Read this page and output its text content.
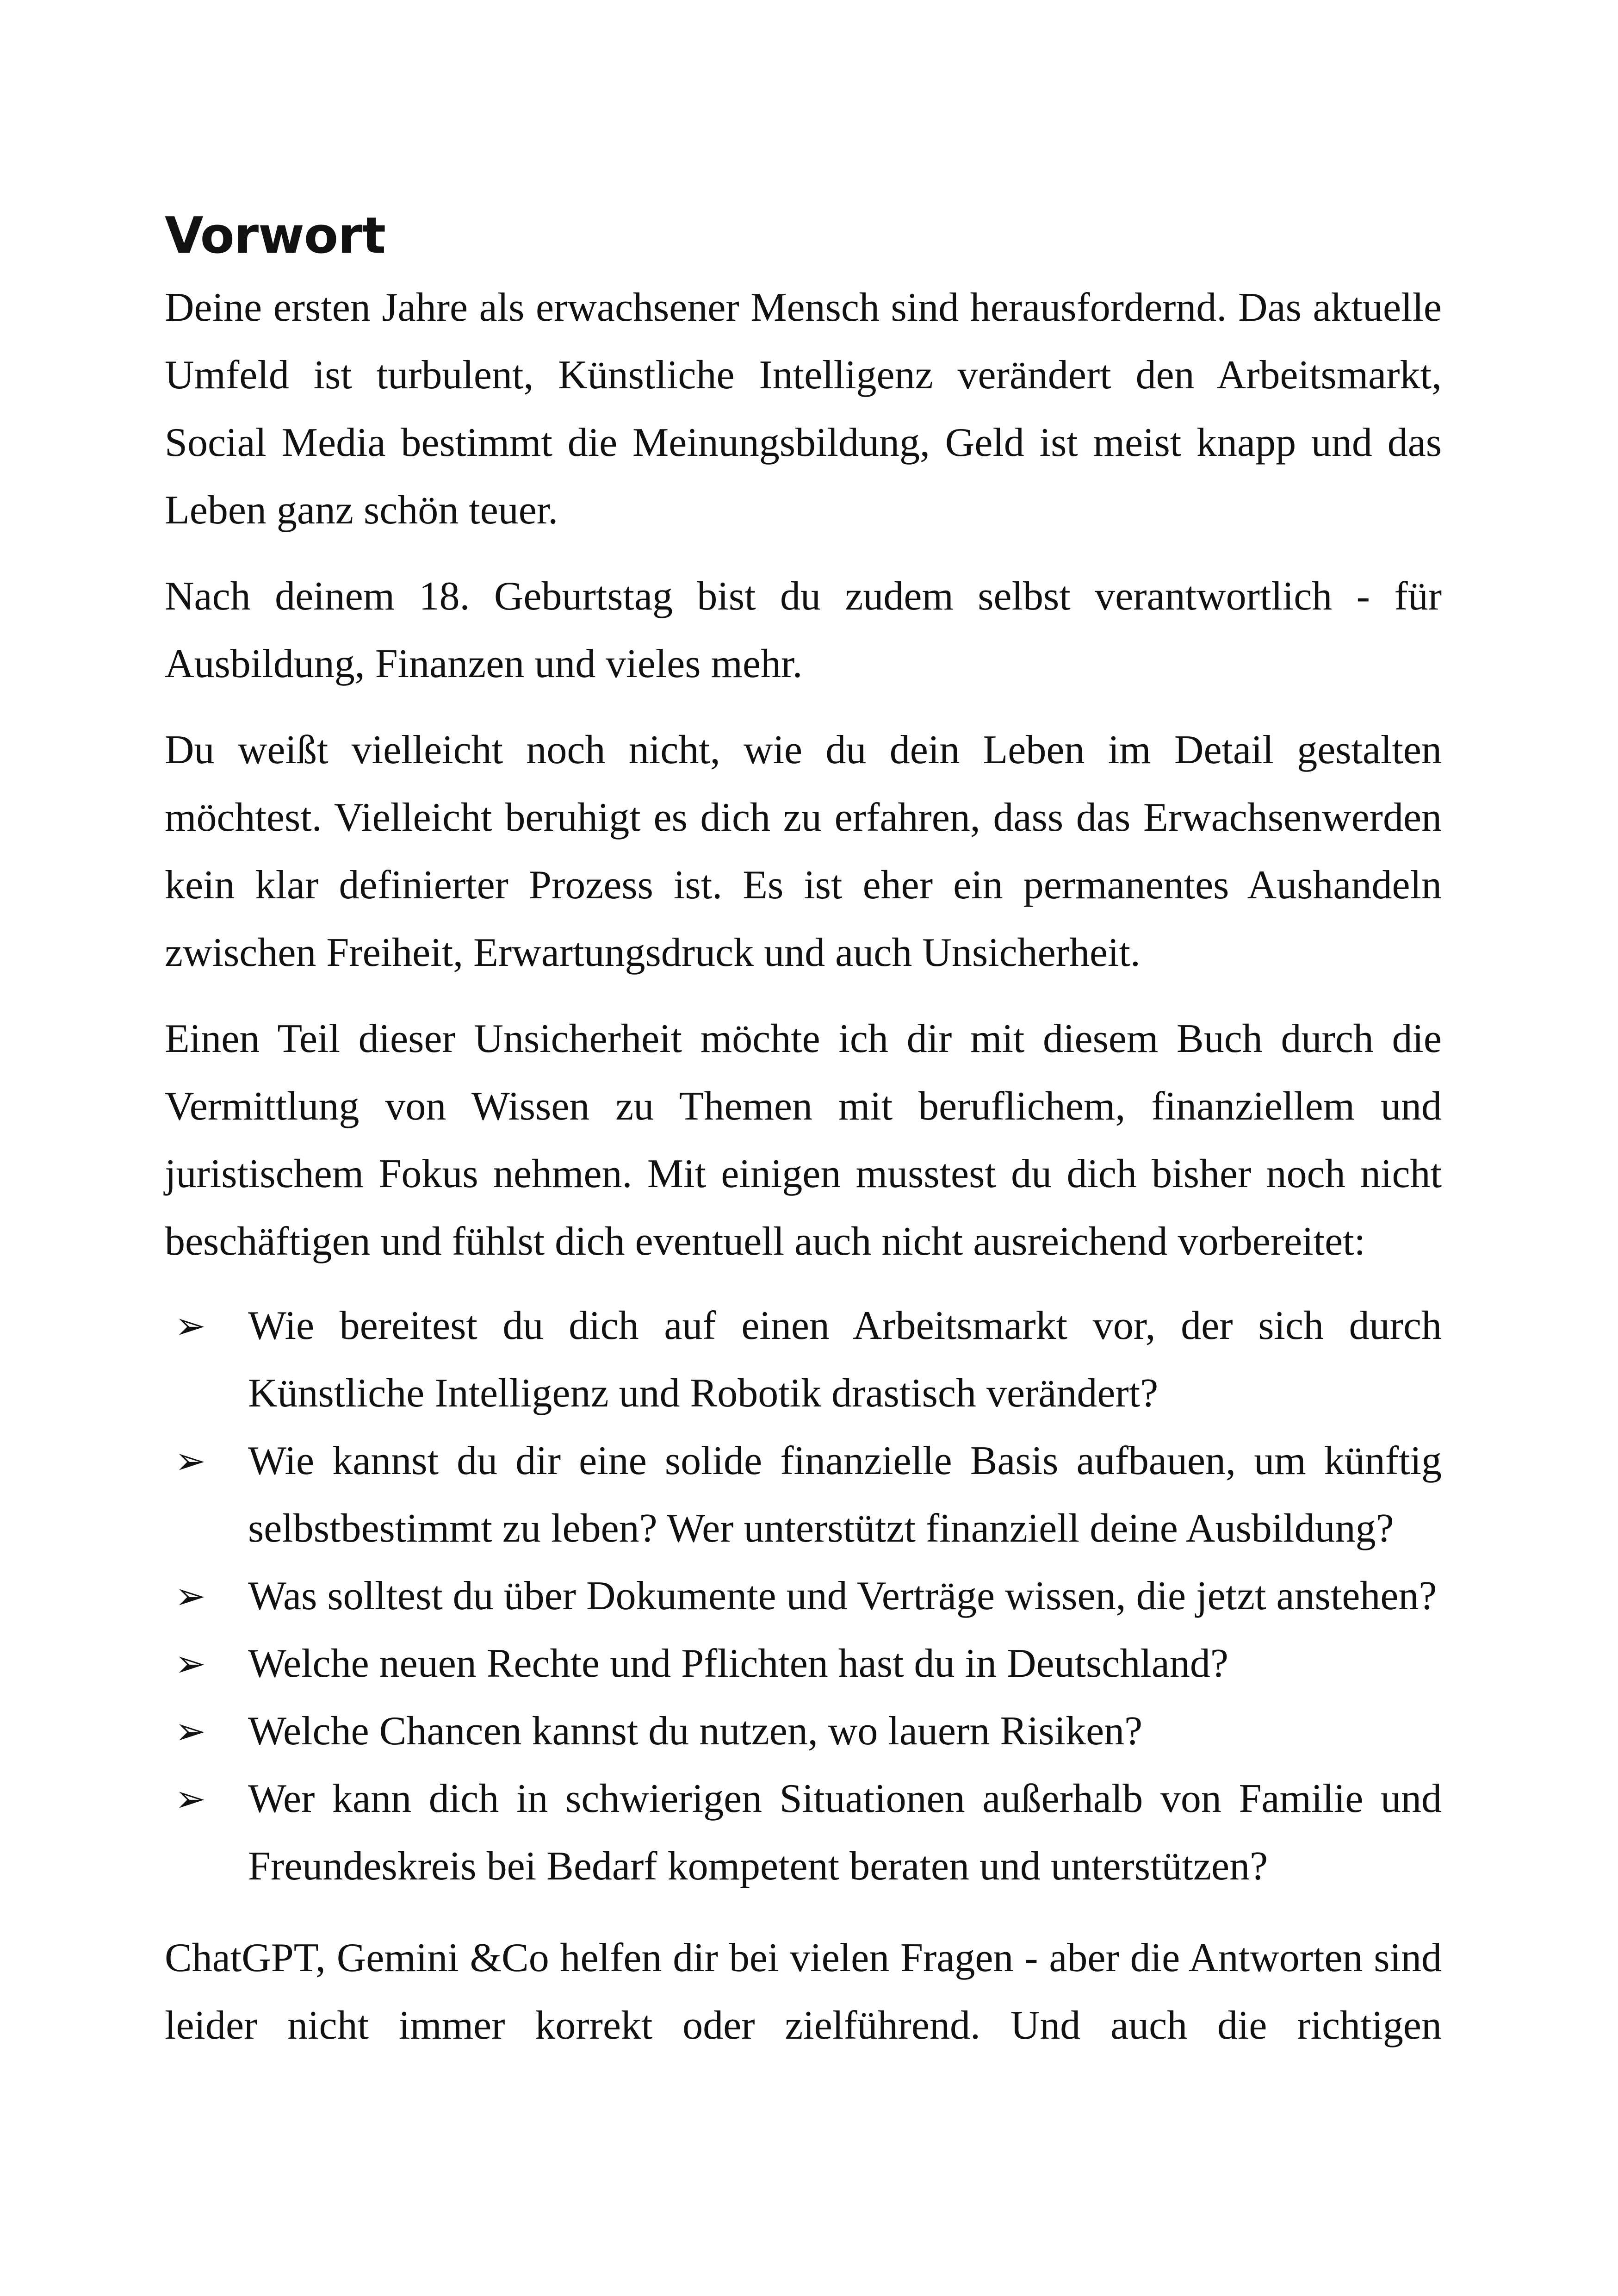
Vorwort

Deine ersten Jahre als erwachsener Mensch sind herausfordernd. Das aktuelle Umfeld ist turbulent, Künstliche Intelligenz verändert den Arbeitsmarkt, Social Media bestimmt die Meinungsbildung, Geld ist meist knapp und das Leben ganz schön teuer.

Nach deinem 18. Geburtstag bist du zudem selbst verantwortlich - für Ausbildung, Finanzen und vieles mehr.

Du weißt vielleicht noch nicht, wie du dein Leben im Detail gestalten möchtest. Vielleicht beruhigt es dich zu erfahren, dass das Erwachsenwerden kein klar definierter Prozess ist. Es ist eher ein permanentes Aushandeln zwischen Freiheit, Erwartungsdruck und auch Unsicherheit.

Einen Teil dieser Unsicherheit möchte ich dir mit diesem Buch durch die Vermittlung von Wissen zu Themen mit beruflichem, finanziellem und juristischem Fokus nehmen. Mit einigen musstest du dich bisher noch nicht beschäftigen und fühlst dich eventuell auch nicht ausreichend vorbereitet:

➢ Wie bereitest du dich auf einen Arbeitsmarkt vor, der sich durch Künstliche Intelligenz und Robotik drastisch verändert?
➢ Wie kannst du dir eine solide finanzielle Basis aufbauen, um künftig selbstbestimmt zu leben? Wer unterstützt finanziell deine Ausbildung?
➢ Was solltest du über Dokumente und Verträge wissen, die jetzt anstehen?
➢ Welche neuen Rechte und Pflichten hast du in Deutschland?
➢ Welche Chancen kannst du nutzen, wo lauern Risiken?
➢ Wer kann dich in schwierigen Situationen außerhalb von Familie und Freundeskreis bei Bedarf kompetent beraten und unterstützen?

ChatGPT, Gemini &Co helfen dir bei vielen Fragen - aber die Antworten sind leider nicht immer korrekt oder zielführend. Und auch die richtigen
